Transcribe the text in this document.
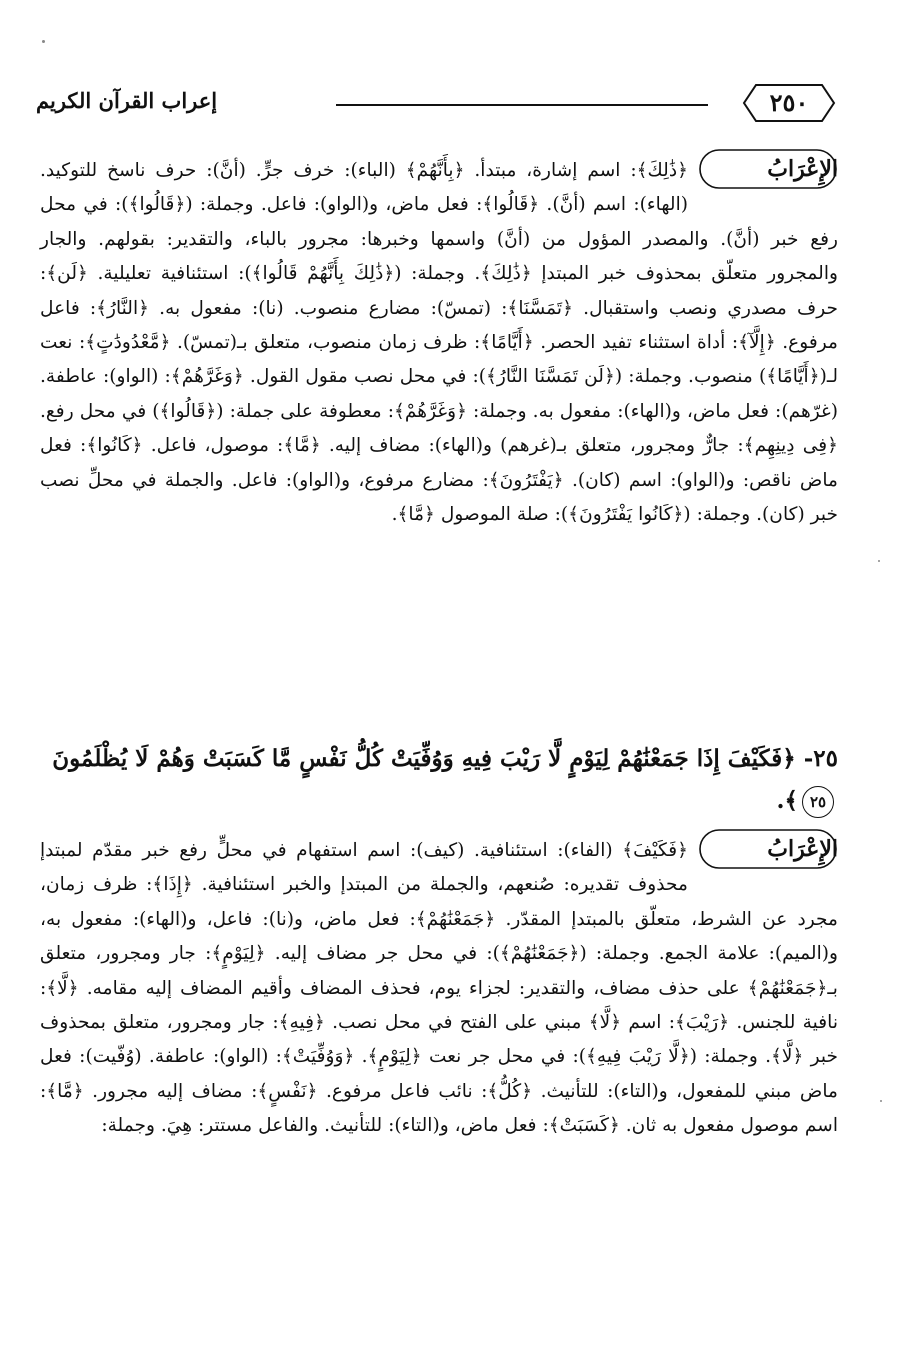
٢٥٠
إعراب القرآن الكريم
الإِعْرَابُ
﴿ذَٰلِكَ﴾: اسم إشارة، مبتدأ. ﴿بِأَنَّهُمْ﴾ (الباء): خرف جرٍّ. (أنَّ): حرف ناسخ للتوكيد. (الهاء): اسم (أنَّ). ﴿قَالُوا﴾: فعل ماض، و(الواو): فاعل. وجملة: (﴿قَالُوا﴾): في محل رفع خبر (أنَّ). والمصدر المؤول من (أنَّ) واسمها وخبرها: مجرور بالباء، والتقدير: بقولهم. والجار والمجرور متعلّق بمحذوف خبر المبتدإ ﴿ذَٰلِكَ﴾. وجملة: (﴿ذَٰلِكَ بِأَنَّهُمْ قَالُوا﴾): استئنافية تعليلية. ﴿لَن﴾: حرف مصدري ونصب واستقبال. ﴿تَمَسَّنَا﴾: (تمسّ): مضارع منصوب. (نا): مفعول به. ﴿النَّارُ﴾: فاعل مرفوع. ﴿إِلَّآ﴾: أداة استثناء تفيد الحصر. ﴿أَيَّامًا﴾: ظرف زمان منصوب، متعلق بـ(تمسّ). ﴿مَّعْدُودَٰتٍ﴾: نعت لـ(﴿أَيَّامًا﴾) منصوب. وجملة: (﴿لَن تَمَسَّنَا النَّارُ﴾): في محل نصب مقول القول. ﴿وَغَرَّهُمْ﴾: (الواو): عاطفة. (غرّهم): فعل ماض، و(الهاء): مفعول به. وجملة: ﴿وَغَرَّهُمْ﴾: معطوفة على جملة: (﴿قَالُوا﴾) في محل رفع. ﴿فِى دِينِهِم﴾: جارٌّ ومجرور، متعلق بـ(غرهم) و(الهاء): مضاف إليه. ﴿مَّا﴾: موصول، فاعل. ﴿كَانُوا﴾: فعل ماض ناقص: و(الواو): اسم (كان). ﴿يَفْتَرُونَ﴾: مضارع مرفوع، و(الواو): فاعل. والجملة في محلِّ نصب خبر (كان). وجملة: (﴿كَانُوا يَفْتَرُونَ﴾): صلة الموصول ﴿مَّا﴾.
٢٥- ﴿فَكَيْفَ إِذَا جَمَعْنَٰهُمْ لِيَوْمٍ لَّا رَيْبَ فِيهِ وَوُفِّيَتْ كُلُّ نَفْسٍ مَّا كَسَبَتْ وَهُمْ لَا يُظْلَمُونَ ٢٥﴾.
الإِعْرَابُ
﴿فَكَيْفَ﴾ (الفاء): استئنافية. (كيف): اسم استفهام في محلٍّ رفع خبر مقدّم لمبتدإ محذوف تقديره: صُنعهم، والجملة من المبتدإ والخبر استئنافية. ﴿إِذَا﴾: ظرف زمان، مجرد عن الشرط، متعلّق بالمبتدإ المقدّر. ﴿جَمَعْنَٰهُمْ﴾: فعل ماض، و(نا): فاعل، و(الهاء): مفعول به، و(الميم): علامة الجمع. وجملة: (﴿جَمَعْنَٰهُمْ﴾): في محل جر مضاف إليه. ﴿لِيَوْمٍ﴾: جار ومجرور، متعلق بـ﴿جَمَعْنَٰهُمْ﴾ على حذف مضاف، والتقدير: لجزاء يوم، فحذف المضاف وأقيم المضاف إليه مقامه. ﴿لَّا﴾: نافية للجنس. ﴿رَيْبَ﴾: اسم ﴿لَّا﴾ مبني على الفتح في محل نصب. ﴿فِيهِ﴾: جار ومجرور، متعلق بمحذوف خبر ﴿لَّا﴾. وجملة: (﴿لَّا رَيْبَ فِيهِ﴾): في محل جر نعت ﴿لِيَوْمٍ﴾. ﴿وَوُفِّيَتْ﴾: (الواو): عاطفة. (وُفّيت): فعل ماض مبني للمفعول، و(التاء): للتأنيث. ﴿كُلُّ﴾: نائب فاعل مرفوع. ﴿نَفْسٍ﴾: مضاف إليه مجرور. ﴿مَّا﴾: اسم موصول مفعول به ثان. ﴿كَسَبَتْ﴾: فعل ماض، و(التاء): للتأنيث. والفاعل مستتر: هِيَ. وجملة:
